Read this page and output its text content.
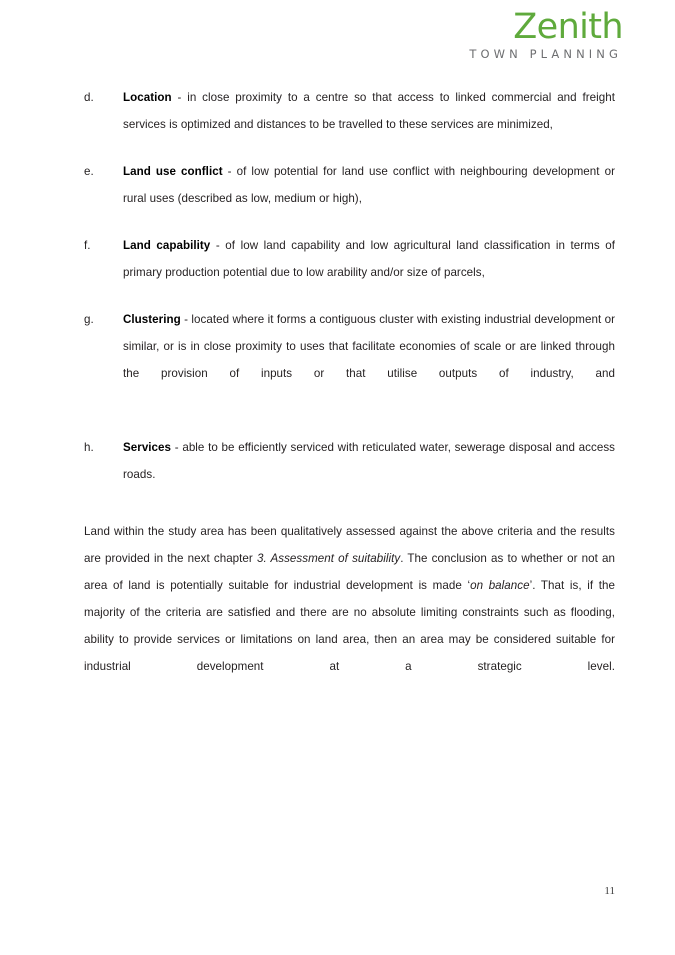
Zenith
TOWN PLANNING
d.	Location - in close proximity to a centre so that access to linked commercial and freight services is optimized and distances to be travelled to these services are minimized,
e.	Land use conflict - of low potential for land use conflict with neighbouring development or rural uses (described as low, medium or high),
f.	Land capability - of low land capability and low agricultural land classification in terms of primary production potential due to low arability and/or size of parcels,
g.	Clustering - located where it forms a contiguous cluster with existing industrial development or similar, or is in close proximity to uses that facilitate economies of scale or are linked through the provision of inputs or that utilise outputs of industry, and
h.	Services - able to be efficiently serviced with reticulated water, sewerage disposal and access roads.

Land within the study area has been qualitatively assessed against the above criteria and the results are provided in the next chapter 3. Assessment of suitability. The conclusion as to whether or not an area of land is potentially suitable for industrial development is made ‘on balance’. That is, if the majority of the criteria are satisfied and there are no absolute limiting constraints such as flooding, ability to provide services or limitations on land area, then an area may be considered suitable for industrial development at a strategic level.

11
